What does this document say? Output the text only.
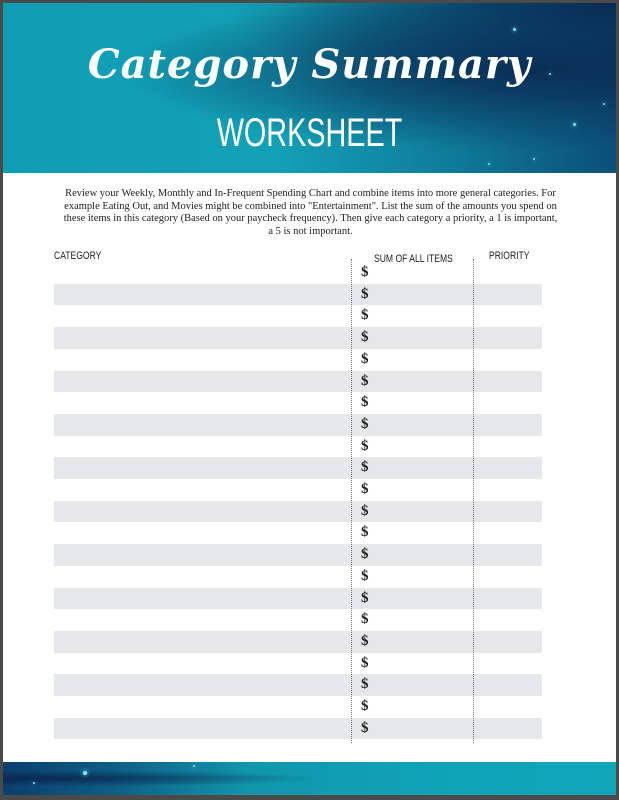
Category Summary
WORKSHEET
Review your Weekly, Monthly and In-Frequent Spending Chart and combine items into more general categories. For example Eating Out, and Movies might be combined into "Entertainment". List the sum of the amounts you spend on these items in this category (Based on your paycheck frequency). Then give each category a priority, a 1 is important, a 5 is not important.
CATEGORY	SUM OF ALL ITEMS	PRIORITY
$
$
$
$
$
$
$
$
$
$
$
$
$
$
$
$
$
$
$
$
$
$
